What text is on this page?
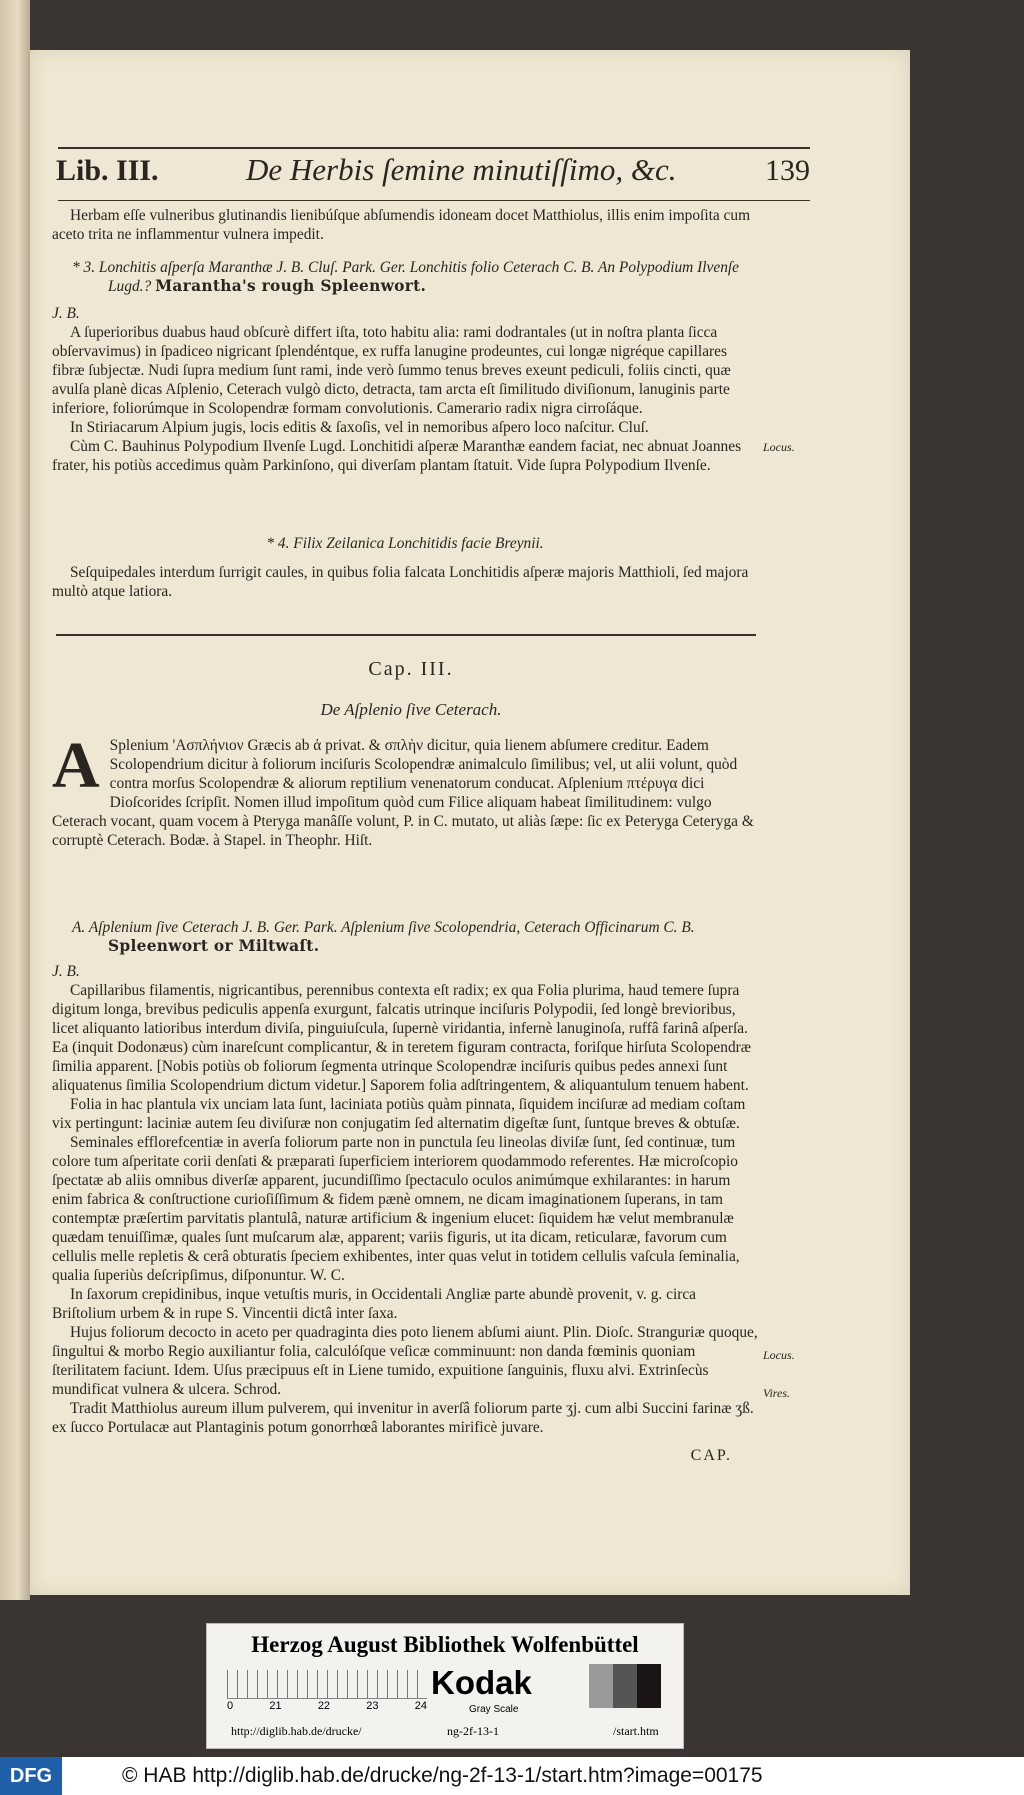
Lib. III.	De Herbis ſemine minutiſſimo, &c.	139

Herbam eſſe vulneribus glutinandis lienibúſque abſumendis idoneam docet Matthiolus, illis enim impoſita cum aceto trita ne inflammentur vulnera impedit.

* 3. Lonchitis aſperſa Maranthæ J. B. Cluſ. Park. Ger. Lonchitis folio Ceterach C. B. An Polypodium Ilvenſe Lugd.? Marantha's rough Spleenwort.

J. B.

A ſuperioribus duabus haud obſcurè differt iſta, toto habitu alia: rami dodrantales (ut in noſtra planta ſicca obſervavimus) in ſpadiceo nigricant ſplendéntque, ex ruffa lanugine prodeuntes, cui longæ nigréque capillares fibræ ſubjectæ. Nudi ſupra medium ſunt rami, inde verò ſummo tenus breves exeunt pediculi, foliis cincti, quæ avulſa planè dicas Aſplenio, Ceterach vulgò dicto, detracta, tam arcta eſt ſimilitudo diviſionum, lanuginis parte inferiore, foliorúmque in Scolopendræ formam convolutionis. Camerario radix nigra cirroſáque.

In Stiriacarum Alpium jugis, locis editis & ſaxoſis, vel in nemoribus aſpero loco naſcitur. Cluſ.

Cùm C. Bauhinus Polypodium Ilvenſe Lugd. Lonchitidi aſperæ Maranthæ eandem faciat, nec abnuat Joannes frater, his potiùs accedimus quàm Parkinſono, qui diverſam plantam ſtatuit. Vide ſupra Polypodium Ilvenſe.

Locus.

* 4. Filix Zeilanica Lonchitidis facie Breynii.

Seſquipedales interdum ſurrigit caules, in quibus folia falcata Lonchitidis aſperæ majoris Matthioli, ſed majora multò atque latiora.

Cap. III.
De Aſplenio ſive Ceterach.

A Splenium 'Ασπλήνιον Græcis ab ἀ privat. & σπλὴν dicitur, quia lienem abſumere creditur. Eadem Scolopendrium dicitur à foliorum inciſuris Scolopendræ animalculo ſimilibus; vel, ut alii volunt, quòd contra morſus Scolopendræ & aliorum reptilium venenatorum conducat. Aſplenium πτέρυγα dici Dioſcorides ſcripſit. Nomen illud impoſitum quòd cum Filice aliquam habeat ſimilitudinem: vulgo Ceterach vocant, quam vocem à Pteryga manâſſe volunt, P. in C. mutato, ut aliàs ſæpe: ſic ex Peteryga Ceteryga & corruptè Ceterach. Bodæ. à Stapel. in Theophr. Hiſt.

A. Aſplenium ſive Ceterach J. B. Ger. Park. Aſplenium ſive Scolopendria, Ceterach Officinarum C. B. Spleenwort or Miltwaſt.

J. B.

Capillaribus filamentis, nigricantibus, perennibus contexta eſt radix; ex qua Folia plurima, haud temere ſupra digitum longa, brevibus pediculis appenſa exurgunt, falcatis utrinque inciſuris Polypodii, ſed longè brevioribus, licet aliquanto latioribus interdum diviſa, pinguiuſcula, ſupernè viridantia, infernè lanuginoſa, ruffâ farinâ aſperſa. Ea (inquit Dodonæus) cùm inareſcunt complicantur, & in teretem figuram contracta, foriſque hirſuta Scolopendræ ſimilia apparent. [Nobis potiùs ob foliorum ſegmenta utrinque Scolopendræ inciſuris quibus pedes annexi ſunt aliquatenus ſimilia Scolopendrium dictum videtur.] Saporem folia adſtringentem, & aliquantulum tenuem habent.

Folia in hac plantula vix unciam lata ſunt, laciniata potiùs quàm pinnata, ſiquidem inciſuræ ad mediam coſtam vix pertingunt: laciniæ autem ſeu diviſuræ non conjugatim ſed alternatim digeſtæ ſunt, ſuntque breves & obtuſæ.

Seminales efflorefcentiæ in averſa foliorum parte non in punctula ſeu lineolas diviſæ ſunt, ſed continuæ, tum colore tum aſperitate corii denſati & præparati ſuperficiem interiorem quodammodo referentes. Hæ microſcopio ſpectatæ ab aliis omnibus diverſæ apparent, jucundiſſimo ſpectaculo oculos animúmque exhilarantes: in harum enim fabrica & conſtructione curioſiſſimum & fidem pænè omnem, ne dicam imaginationem ſuperans, in tam contemptæ præſertim parvitatis plantulâ, naturæ artificium & ingenium elucet: ſiquidem hæ velut membranulæ quædam tenuiſſimæ, quales ſunt muſcarum alæ, apparent; variis figuris, ut ita dicam, reticularæ, favorum cum cellulis melle repletis & cerâ obturatis ſpeciem exhibentes, inter quas velut in totidem cellulis vaſcula ſeminalia, qualia ſuperiùs deſcripſimus, diſponuntur. W. C.

In ſaxorum crepidinibus, inque vetuſtis muris, in Occidentali Angliæ parte abundè provenit, v. g. circa Briſtolium urbem & in rupe S. Vincentii dictâ inter ſaxa.

Hujus foliorum decocto in aceto per quadraginta dies poto lienem abſumi aiunt. Plin. Dioſc. Stranguriæ quoque, ſingultui & morbo Regio auxiliantur folia, calculóſque veſicæ comminuunt: non danda fœminis quoniam ſterilitatem faciunt. Idem. Uſus præcipuus eſt in Liene tumido, expuitione ſanguinis, fluxu alvi. Extrinſecùs mundificat vulnera & ulcera. Schrod.

Tradit Matthiolus aureum illum pulverem, qui invenitur in averſâ foliorum parte ʒj. cum albi Succini farinæ ʒß. ex ſucco Portulacæ aut Plantaginis potum gonorrhœâ laborantes mirificè juvare.

Locus.
Vires.
CAP.
Herzog August Bibliothek Wolfenbüttel
0	21	22	23	24
Kodak
Gray Scale
http://diglib.hab.de/drucke/	ng-2f-13-1	/start.htm
DFG	© HAB http://diglib.hab.de/drucke/ng-2f-13-1/start.htm?image=00175
